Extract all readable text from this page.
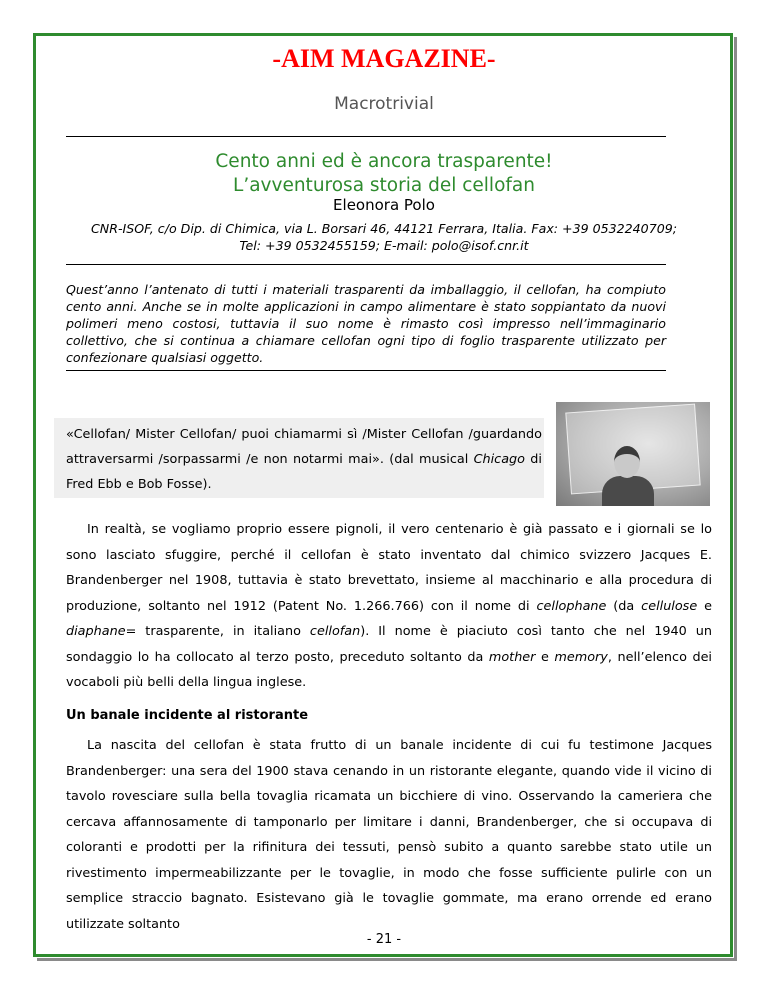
-AIM MAGAZINE-
Macrotrivial
Cento anni ed è ancora trasparente!
L’avventurosa storia del cellofan
Eleonora Polo
CNR-ISOF, c/o Dip. di Chimica, via L. Borsari 46, 44121 Ferrara, Italia. Fax: +39 0532240709;
Tel: +39 0532455159; E-mail: polo@isof.cnr.it
Quest’anno l’antenato di tutti i materiali trasparenti da imballaggio, il cellofan, ha compiuto cento anni. Anche se in molte applicazioni in campo alimentare è stato soppiantato da nuovi polimeri meno costosi, tuttavia il suo nome è rimasto così impresso nell’immaginario collettivo, che si continua a chiamare cellofan ogni tipo di foglio trasparente utilizzato per confezionare qualsiasi oggetto.
«Cellofan/ Mister Cellofan/ puoi chiamarmi sì /Mister Cellofan /guardando attraversarmi /sorpassarmi /e non notarmi mai». (dal musical Chicago di Fred Ebb e Bob Fosse).
In realtà, se vogliamo proprio essere pignoli, il vero centenario è già passato e i giornali se lo sono lasciato sfuggire, perché il cellofan è stato inventato dal chimico svizzero Jacques E. Brandenberger nel 1908, tuttavia è stato brevettato, insieme al macchinario e alla procedura di produzione, soltanto nel 1912 (Patent No. 1.266.766) con il nome di cellophane (da cellulose e diaphane= trasparente, in italiano cellofan). Il nome è piaciuto così tanto che nel 1940 un sondaggio lo ha collocato al terzo posto, preceduto soltanto da mother e memory, nell’elenco dei vocaboli più belli della lingua inglese.
Un banale incidente al ristorante
La nascita del cellofan è stata frutto di un banale incidente di cui fu testimone Jacques Brandenberger: una sera del 1900 stava cenando in un ristorante elegante, quando vide il vicino di tavolo rovesciare sulla bella tovaglia ricamata un bicchiere di vino. Osservando la cameriera che cercava affannosamente di tamponarlo per limitare i danni, Brandenberger, che si occupava di coloranti e prodotti per la rifinitura dei tessuti, pensò subito a quanto sarebbe stato utile un rivestimento impermeabilizzante per le tovaglie, in modo che fosse sufficiente pulirle con un semplice straccio bagnato. Esistevano già le tovaglie gommate, ma erano orrende ed erano utilizzate soltanto
- 21 -
